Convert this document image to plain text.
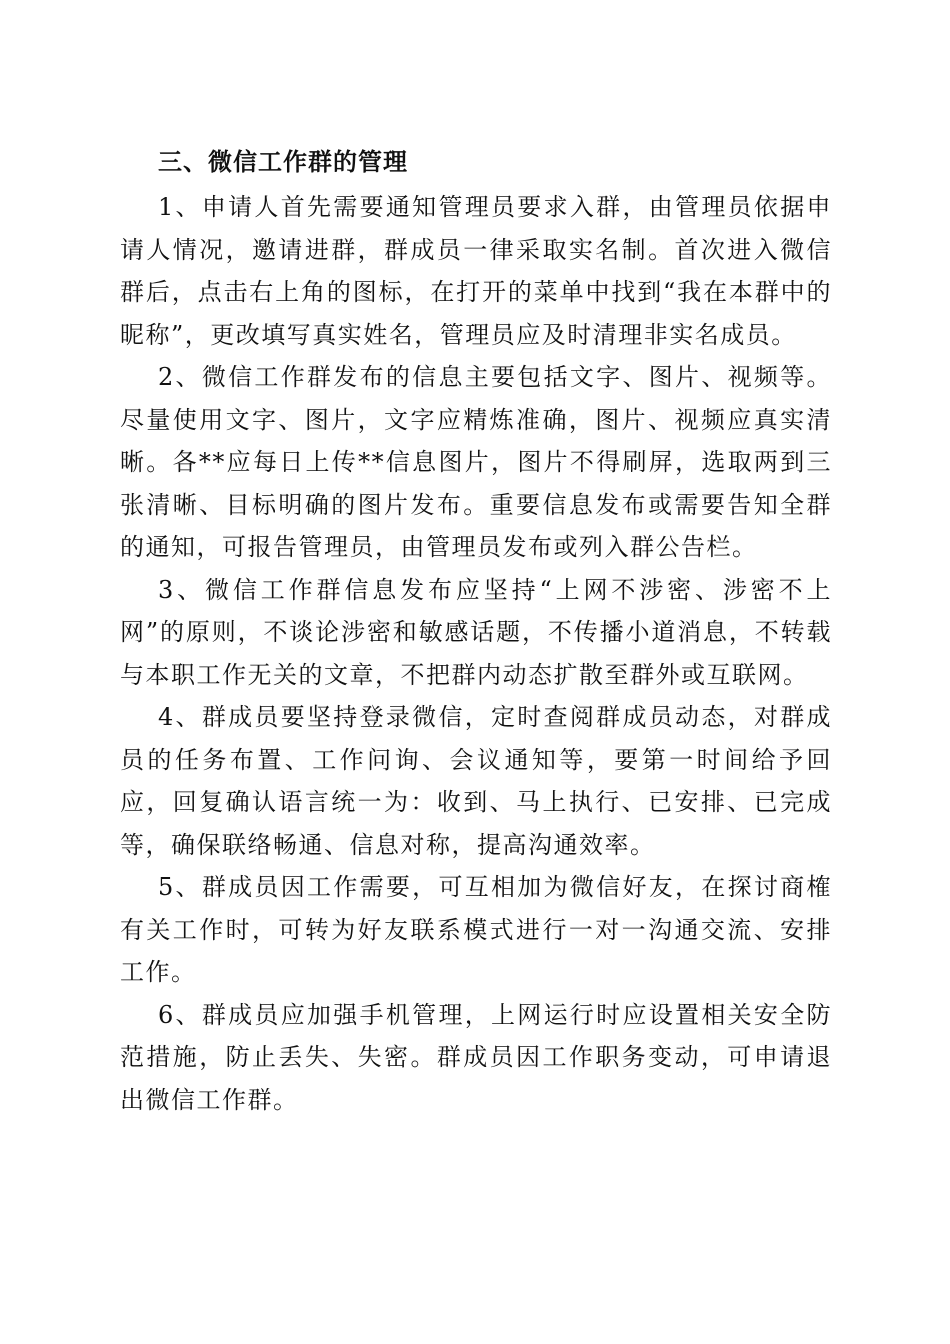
三、微信工作群的管理

1、申请人首先需要通知管理员要求入群，由管理员依据申请人情况，邀请进群，群成员一律采取实名制。首次进入微信群后，点击右上角的图标，在打开的菜单中找到“我在本群中的昵称”，更改填写真实姓名，管理员应及时清理非实名成员。

2、微信工作群发布的信息主要包括文字、图片、视频等。尽量使用文字、图片，文字应精炼准确，图片、视频应真实清晰。各**应每日上传**信息图片，图片不得刷屏，选取两到三张清晰、目标明确的图片发布。重要信息发布或需要告知全群的通知，可报告管理员，由管理员发布或列入群公告栏。

3、微信工作群信息发布应坚持“上网不涉密、涉密不上网”的原则，不谈论涉密和敏感话题，不传播小道消息，不转载与本职工作无关的文章，不把群内动态扩散至群外或互联网。

4、群成员要坚持登录微信，定时查阅群成员动态，对群成员的任务布置、工作问询、会议通知等，要第一时间给予回应，回复确认语言统一为：收到、马上执行、已安排、已完成等，确保联络畅通、信息对称，提高沟通效率。

5、群成员因工作需要，可互相加为微信好友，在探讨商榷有关工作时，可转为好友联系模式进行一对一沟通交流、安排工作。

6、群成员应加强手机管理，上网运行时应设置相关安全防范措施，防止丢失、失密。群成员因工作职务变动，可申请退出微信工作群。
